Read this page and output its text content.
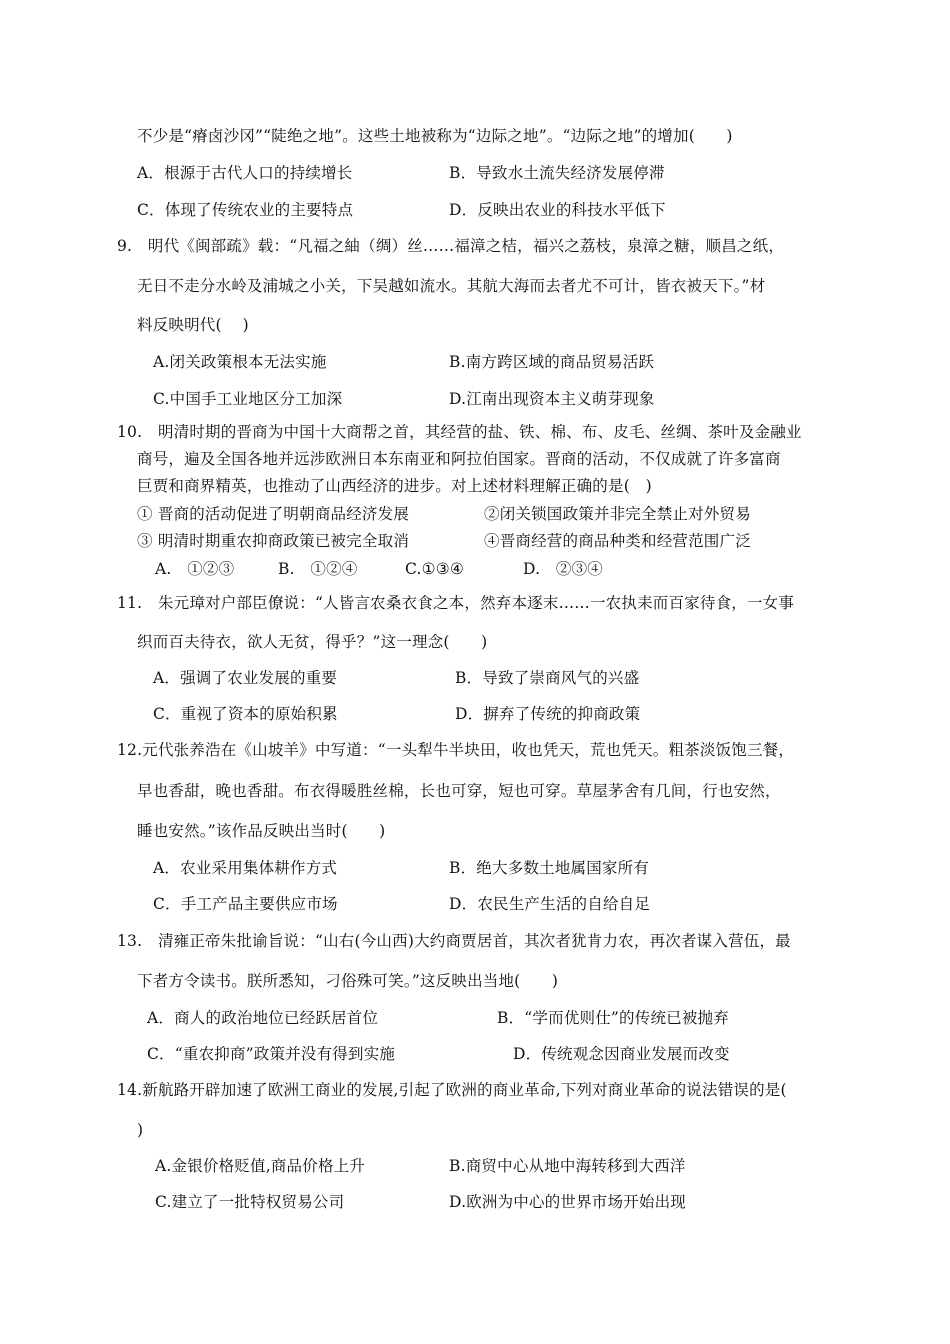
不少是“瘠卤沙冈”“陡绝之地”。这些土地被称为“边际之地”。“边际之地”的增加(　　)
A．根源于古代人口的持续增长	B．导致水土流失经济发展停滞
C．体现了传统农业的主要特点	D．反映出农业的科技水平低下
9.　明代《闽部疏》载：“凡福之紬（绸）丝……福漳之桔，福兴之荔枝，泉漳之糖，顺昌之纸，
无日不走分水岭及浦城之小关，下吴越如流水。其航大海而去者尤不可计，皆衣被天下。”材
料反映明代(　 )
A.闭关政策根本无法实施	B.南方跨区域的商品贸易活跃
C.中国手工业地区分工加深	D.江南出现资本主义萌芽现象
10.　明清时期的晋商为中国十大商帮之首，其经营的盐、铁、棉、布、皮毛、丝绸、茶叶及金融业
商号，遍及全国各地并远涉欧洲日本东南亚和阿拉伯国家。晋商的活动，不仅成就了许多富商
巨贾和商界精英，也推动了山西经济的进步。对上述材料理解正确的是(　)
① 晋商的活动促进了明朝商品经济发展	②闭关锁国政策并非完全禁止对外贸易
③ 明清时期重农抑商政策已被完全取消	④晋商经营的商品种类和经营范围广泛
A.　①②③	B.　①②④	C.①③④	D.　②③④
11.　朱元璋对户部臣僚说：“人皆言农桑衣食之本，然弃本逐末……一农执耒而百家待食，一女事
织而百夫待衣，欲人无贫，得乎？”这一理念(　　)
A．强调了农业发展的重要	B．导致了崇商风气的兴盛
C．重视了资本的原始积累	D．摒弃了传统的抑商政策
12.元代张养浩在《山坡羊》中写道：“一头犁牛半块田，收也凭天，荒也凭天。粗茶淡饭饱三餐，
早也香甜，晚也香甜。布衣得暖胜丝棉，长也可穿，短也可穿。草屋茅舍有几间，行也安然，
睡也安然。”该作品反映出当时(　　)
A．农业采用集体耕作方式	B．绝大多数土地属国家所有
C．手工产品主要供应市场	D．农民生产生活的自给自足
13.　清雍正帝朱批谕旨说：“山右(今山西)大约商贾居首，其次者犹肯力农，再次者谋入营伍，最
下者方令读书。朕所悉知，刁俗殊可笑。”这反映出当地(　　)
A．商人的政治地位已经跃居首位	B．“学而优则仕”的传统已被抛弃
C．“重农抑商”政策并没有得到实施	D．传统观念因商业发展而改变
14.新航路开辟加速了欧洲工商业的发展,引起了欧洲的商业革命,下列对商业革命的说法错误的是(
)
A.金银价格贬值,商品价格上升	B.商贸中心从地中海转移到大西洋
C.建立了一批特权贸易公司	D.欧洲为中心的世界市场开始出现
